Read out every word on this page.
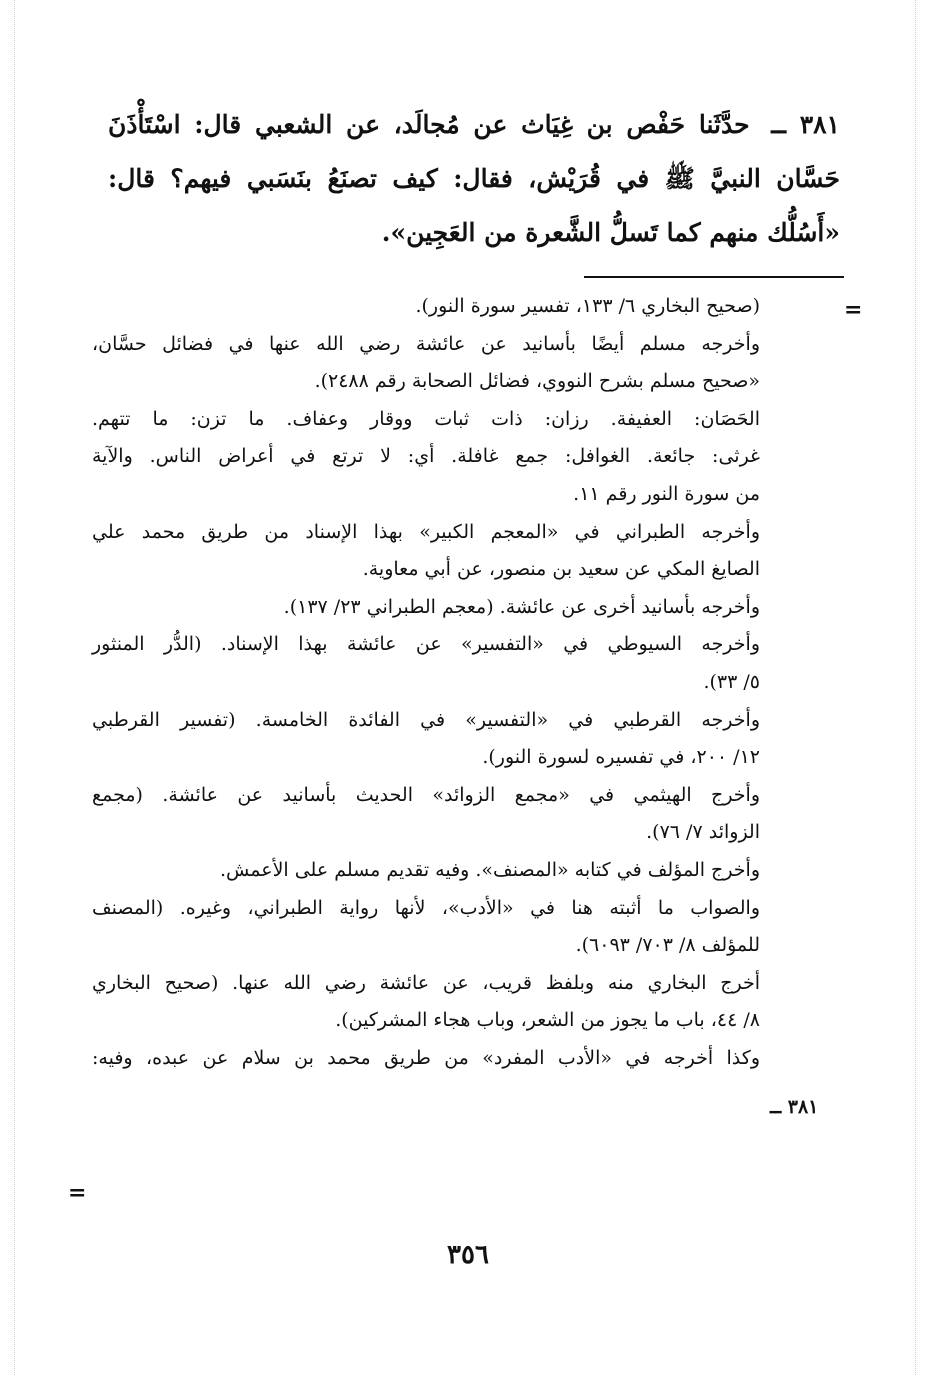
٣٨١ ــ حدَّثَنا حَفْص بن غِيَاث عن مُجالَد، عن الشعبي قال: اسْتَأْذَنَ حَسَّان النبيَّ ﷺ في قُرَيْش، فقال: كيف تصنَعُ بنَسَبي فيهم؟ قال: «أَسُلُّك منهم كما تَسلُّ الشَّعرة من العَجِين».
=
٣٨١ ــ
(صحيح البخاري ٦/ ١٣٣، تفسير سورة النور).
وأخرجه مسلم أيضًا بأسانيد عن عائشة رضي الله عنها في فضائل حسَّان،
«صحيح مسلم بشرح النووي، فضائل الصحابة رقم ٢٤٨٨).
الحَصَان: العفيفة. رزان: ذات ثبات ووقار وعفاف. ما تزن: ما تتهم.
غرثى: جائعة. الغوافل: جمع غافلة. أي: لا ترتع في أعراض الناس. والآية
من سورة النور رقم ١١.
وأخرجه الطبراني في «المعجم الكبير» بهذا الإسناد من طريق محمد علي
الصايغ المكي عن سعيد بن منصور، عن أبي معاوية.
وأخرجه بأسانيد أخرى عن عائشة. (معجم الطبراني ٢٣/ ١٣٧).
وأخرجه السيوطي في «التفسير» عن عائشة بهذا الإسناد. (الدُّر المنثور
٥/ ٣٣).
وأخرجه القرطبي في «التفسير» في الفائدة الخامسة. (تفسير القرطبي
١٢/ ٢٠٠، في تفسيره لسورة النور).
وأخرج الهيثمي في «مجمع الزوائد» الحديث بأسانيد عن عائشة. (مجمع
الزوائد ٧/ ٧٦).
وأخرج المؤلف في كتابه «المصنف». وفيه تقديم مسلم على الأعمش.
والصواب ما أثبته هنا في «الأدب»، لأنها رواية الطبراني، وغيره. (المصنف
للمؤلف ٨/ ٧٠٣/ ٦٠٩٣).
أخرج البخاري منه وبلفظ قريب، عن عائشة رضي الله عنها. (صحيح البخاري
٨/ ٤٤، باب ما يجوز من الشعر، وباب هجاء المشركين).
وكذا أخرجه في «الأدب المفرد» من طريق محمد بن سلام عن عبده، وفيه:
=
٣٥٦
